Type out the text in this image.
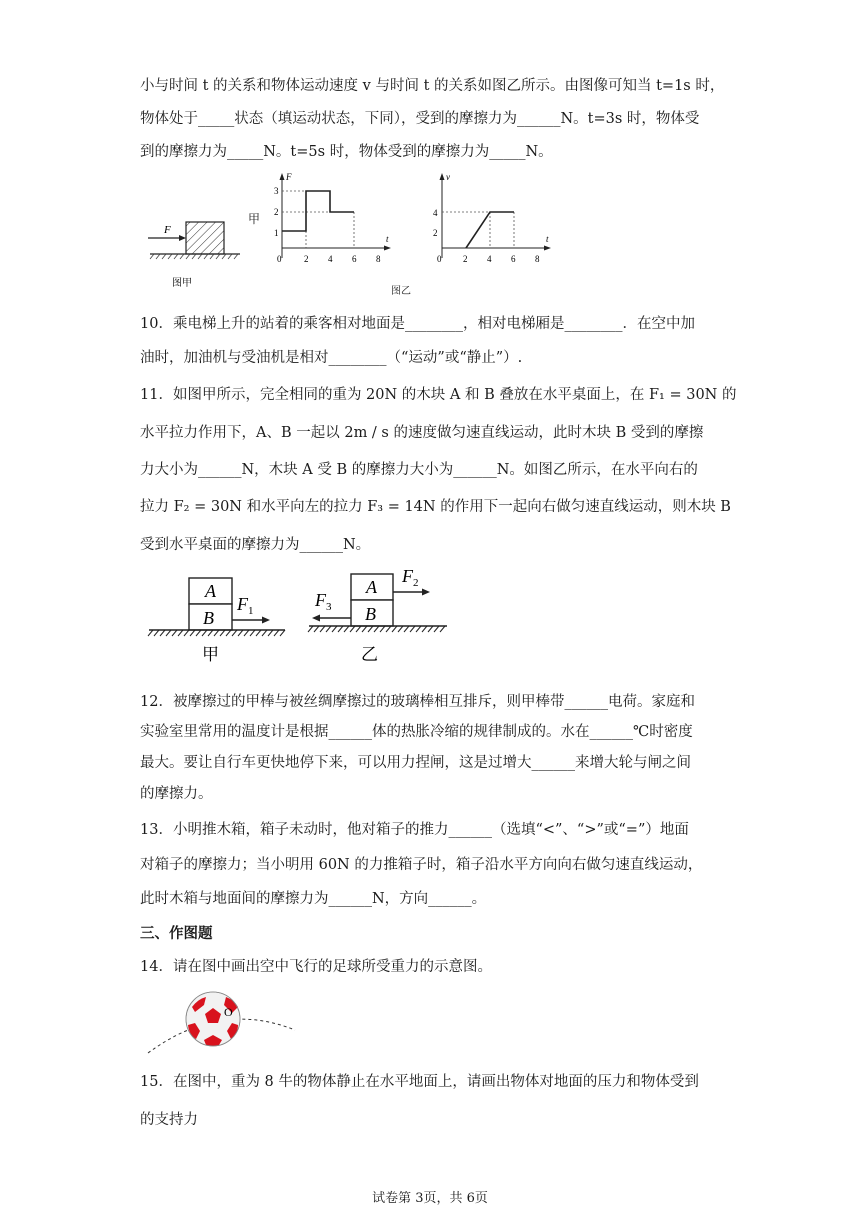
小与时间 t 的关系和物体运动速度 v 与时间 t 的关系如图乙所示。由图像可知当 t=1s 时，
物体处于_____状态（填运动状态，下同），受到的摩擦力为______N。t=3s 时，物体受
到的摩擦力为_____N。t=5s 时，物体受到的摩擦力为_____N。
F
图甲
甲
F
t
1
2
3
0	2 4 6 8
v
t
2
4
0 2 4 6 8
图乙
10．乘电梯上升的站着的乘客相对地面是________，相对电梯厢是________．在空中加
油时，加油机与受油机是相对________（“运动”或“静止”）.
11．如图甲所示，完全相同的重为 20N 的木块 A 和 B 叠放在水平桌面上，在 F₁ = 30N 的
水平拉力作用下，A、B 一起以 2m / s 的速度做匀速直线运动，此时木块 B 受到的摩擦
力大小为______N，木块 A 受 B 的摩擦力大小为______N。如图乙所示，在水平向右的
拉力 F₂ = 30N 和水平向左的拉力 F₃ = 14N 的作用下一起向右做匀速直线运动，则木块 B
受到水平桌面的摩擦力为______N。
A
B
$F_1$
甲
A
B
$F_2$
$F_3$
乙
12．被摩擦过的甲棒与被丝绸摩擦过的玻璃棒相互排斥，则甲棒带______电荷。家庭和
实验室里常用的温度计是根据______体的热胀冷缩的规律制成的。水在______℃时密度
最大。要让自行车更快地停下来，可以用力捏闸，这是过增大______来增大轮与闸之间
的摩擦力。
13．小明推木箱，箱子未动时，他对箱子的推力______（选填“<”、“>”或“=”）地面
对箱子的摩擦力；当小明用 60N 的力推箱子时，箱子沿水平方向向右做匀速直线运动，
此时木箱与地面间的摩擦力为______N，方向______。
三、作图题
14．请在图中画出空中飞行的足球所受重力的示意图。
O
15．在图中，重为 8 牛的物体静止在水平地面上，请画出物体对地面的压力和物体受到
的支持力
试卷第 3页，共 6页
